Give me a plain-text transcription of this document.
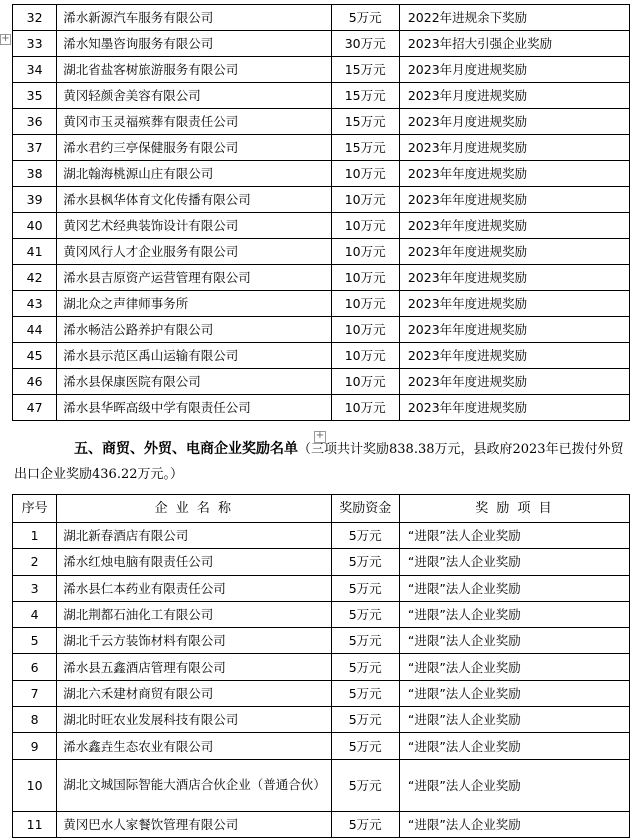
+
32	浠水新源汽车服务有限公司	5万元	2022年进规余下奖励
33	浠水知墨咨询服务有限公司	30万元	2023年招大引强企业奖励
34	湖北省盐客树旅游服务有限公司	15万元	2023年月度进规奖励
35	黄冈轻颜舍美容有限公司	15万元	2023年月度进规奖励
36	黄冈市玉灵福殡葬有限责任公司	15万元	2023年月度进规奖励
37	浠水君约三亭保健服务有限公司	15万元	2023年月度进规奖励
38	湖北翰海桃源山庄有限公司	10万元	2023年年度进规奖励
39	浠水县枫华体育文化传播有限公司	10万元	2023年年度进规奖励
40	黄冈艺术经典装饰设计有限公司	10万元	2023年年度进规奖励
41	黄冈风行人才企业服务有限公司	10万元	2023年年度进规奖励
42	浠水县吉原资产运营管理有限公司	10万元	2023年年度进规奖励
43	湖北众之声律师事务所	10万元	2023年年度进规奖励
44	浠水畅洁公路养护有限公司	10万元	2023年年度进规奖励
45	浠水县示范区禹山运输有限公司	10万元	2023年年度进规奖励
46	浠水县保康医院有限公司	10万元	2023年年度进规奖励
47	浠水县华晖高级中学有限责任公司	10万元	2023年年度进规奖励
+
五、商贸、外贸、电商企业奖励名单（三项共计奖励838.38万元，县政府2023年已拨付外贸出口企业奖励436.22万元。）
序号	企 业 名 称	奖励资金	奖 励 项 目
1	湖北新春酒店有限公司	5万元	“进限”法人企业奖励
2	浠水红烛电脑有限责任公司	5万元	“进限”法人企业奖励
3	浠水县仁本药业有限责任公司	5万元	“进限”法人企业奖励
4	湖北荆都石油化工有限公司	5万元	“进限”法人企业奖励
5	湖北千云方装饰材料有限公司	5万元	“进限”法人企业奖励
6	浠水县五鑫酒店管理有限公司	5万元	“进限”法人企业奖励
7	湖北六禾建材商贸有限公司	5万元	“进限”法人企业奖励
8	湖北时旺农业发展科技有限公司	5万元	“进限”法人企业奖励
9	浠水鑫垚生态农业有限公司	5万元	“进限”法人企业奖励
10	湖北文城国际智能大酒店合伙企业（普通合伙）	5万元	“进限”法人企业奖励
11	黄冈巴水人家餐饮管理有限公司	5万元	“进限”法人企业奖励
